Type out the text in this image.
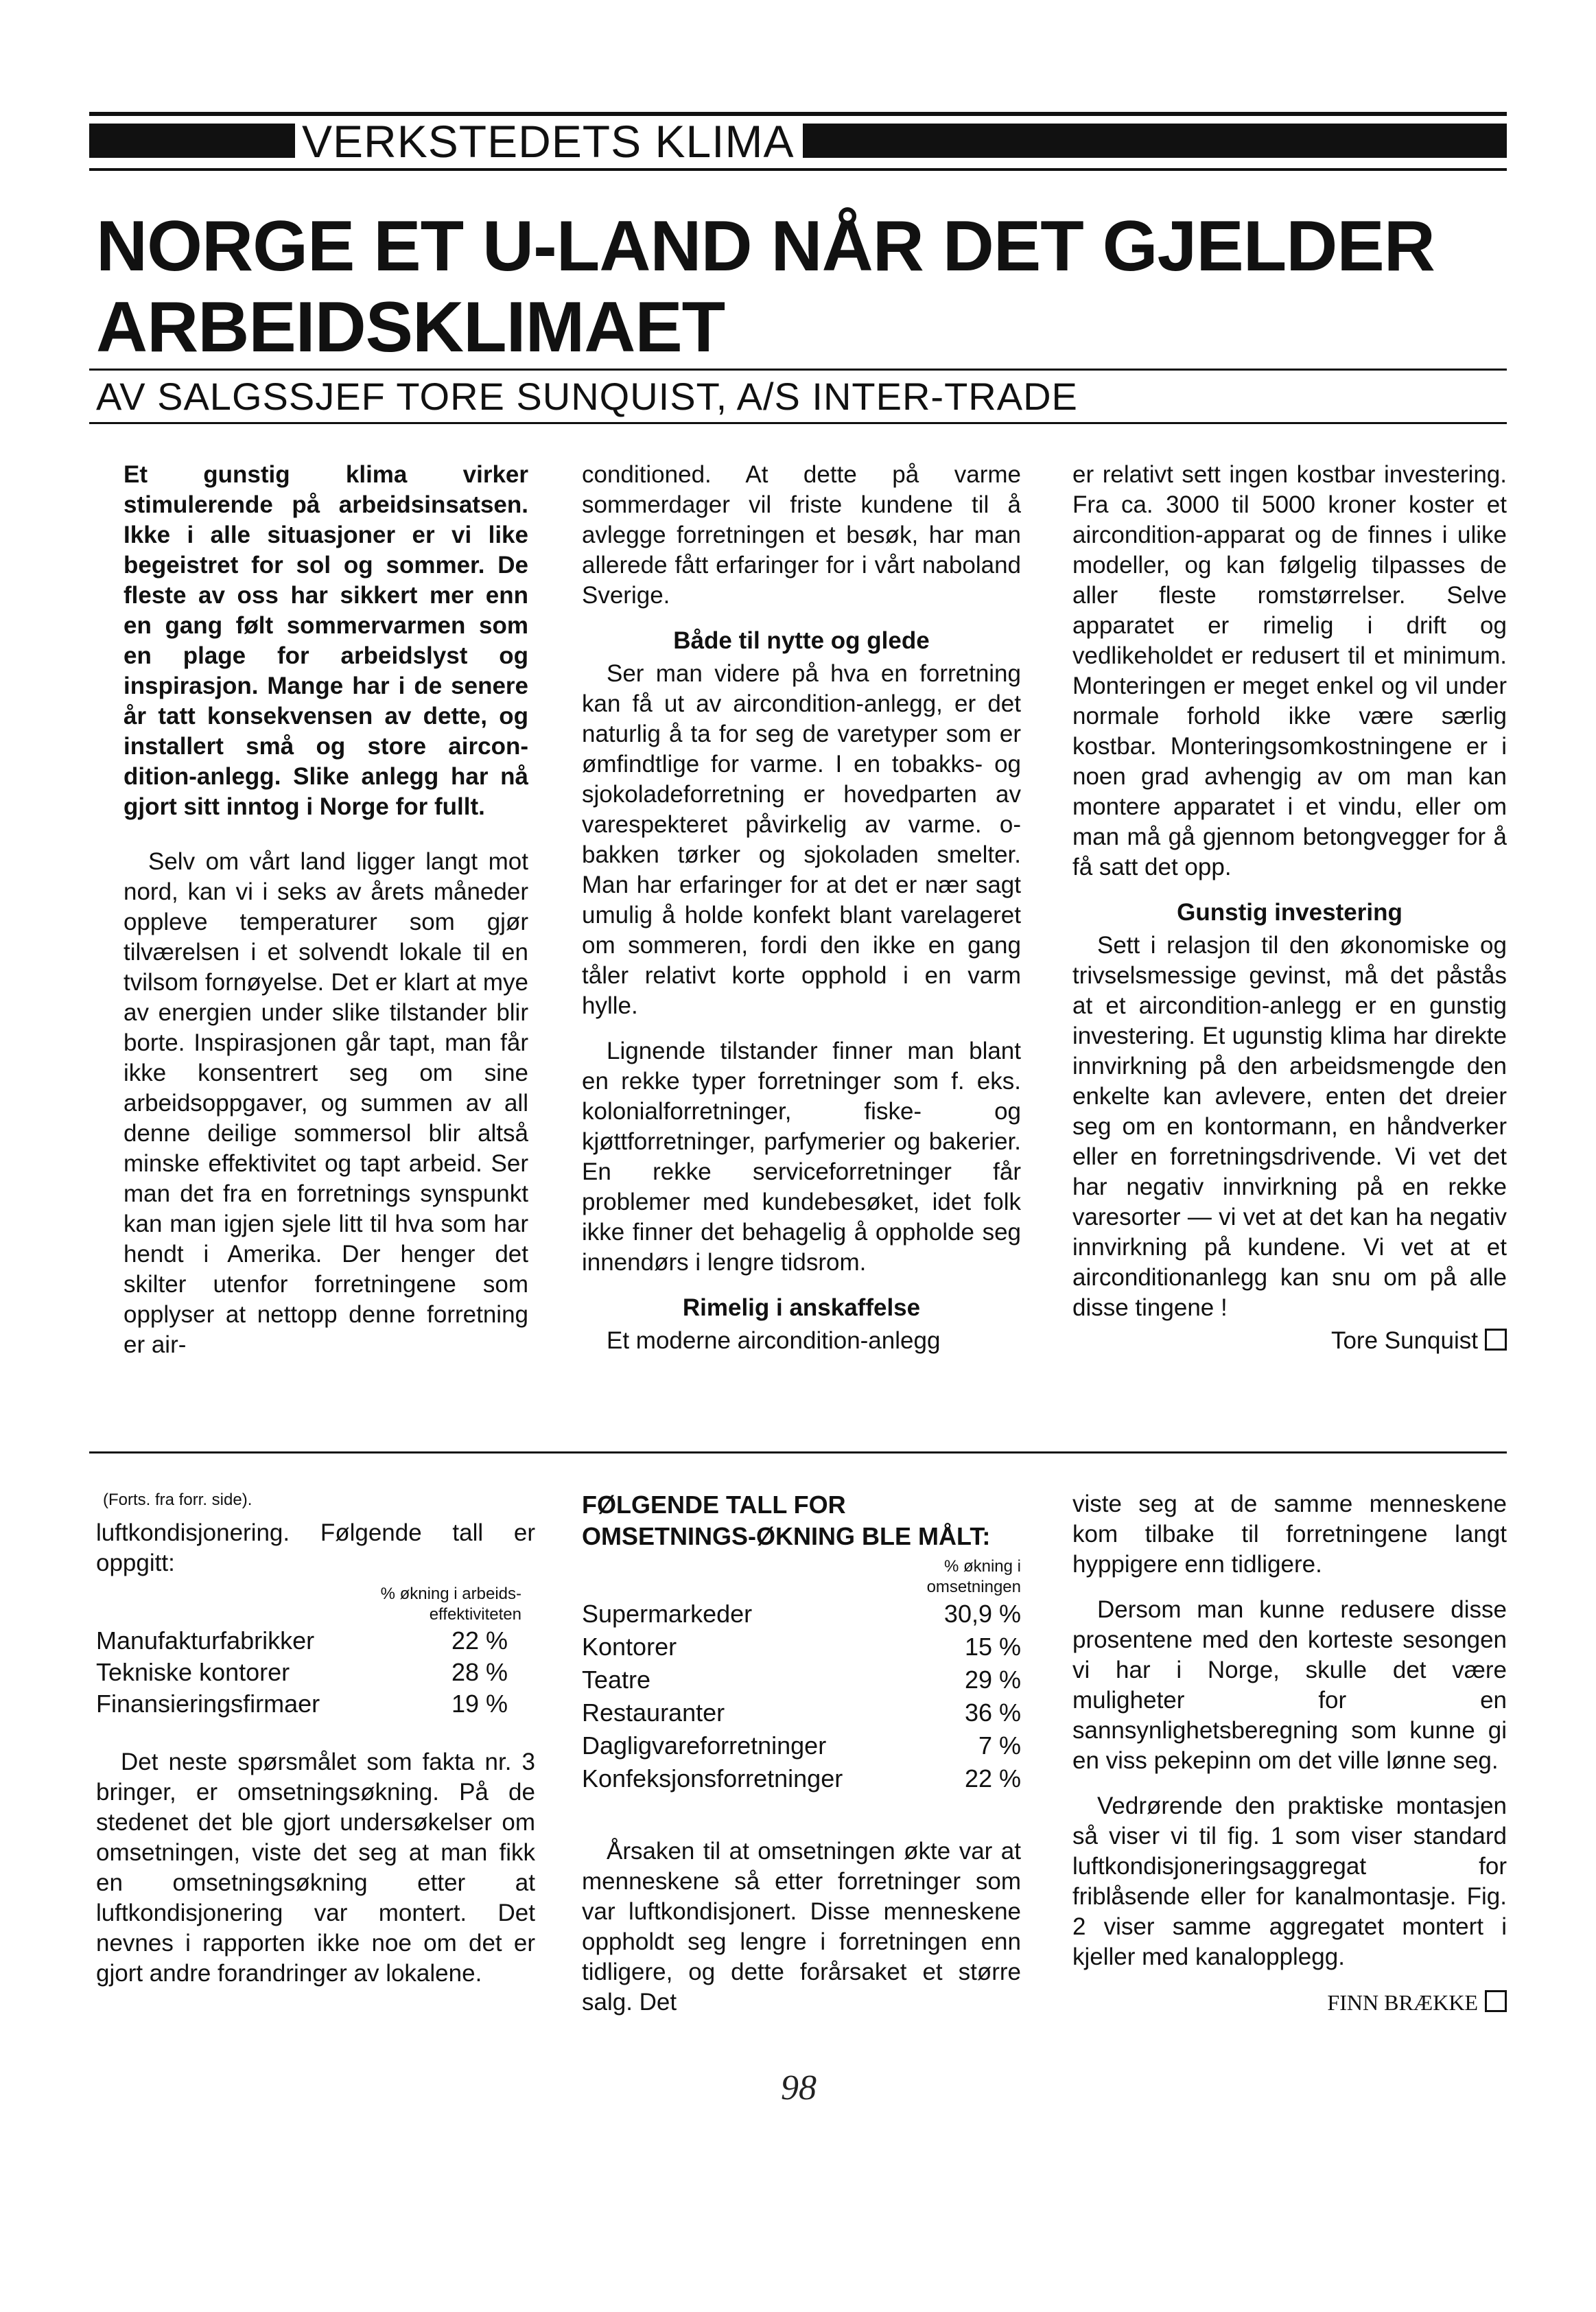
VERKSTEDETS KLIMA
NORGE ET U-LAND NÅR DET GJELDER ARBEIDSKLIMAET
AV SALGSSJEF TORE SUNQUIST, A/S INTER-TRADE

Et gunstig klima virker stimulerende på arbeidsinsatsen. Ikke i alle situasjoner er vi like begeistret for sol og sommer. De fleste av oss har sikkert mer enn en gang følt sommervarmen som en plage for arbeidslyst og inspirasjon. Mange har i de senere år tatt konsekvensen av dette, og installert små og store aircon-dition-anlegg. Slike anlegg har nå gjort sitt inntog i Norge for fullt.

Selv om vårt land ligger langt mot nord, kan vi i seks av årets måneder oppleve temperaturer som gjør tilværelsen i et solvendt lokale til en tvilsom fornøyelse. Det er klart at mye av energien under slike tilstander blir borte. Inspirasjonen går tapt, man får ikke konsentrert seg om sine arbeidsoppgaver, og summen av all denne deilige sommersol blir altså minske effektivitet og tapt arbeid. Ser man det fra en forretnings synspunkt kan man igjen sjele litt til hva som har hendt i Amerika. Der henger det skilter utenfor forretningene som opplyser at nettopp denne forretning er air-

conditioned. At dette på varme sommerdager vil friste kundene til å avlegge forretningen et besøk, har man allerede fått erfaringer for i vårt naboland Sverige.

Både til nytte og glede

Ser man videre på hva en forretning kan få ut av aircondition-anlegg, er det naturlig å ta for seg de varetyper som er ømfindtlige for varme. I en tobakks- og sjokoladeforretning er hovedparten av varespekteret påvirkelig av varme. o-bakken tørker og sjokoladen smelter. Man har erfaringer for at det er nær sagt umulig å holde konfekt blant varelageret om sommeren, fordi den ikke en gang tåler relativt korte opphold i en varm hylle.

Lignende tilstander finner man blant en rekke typer forretninger som f. eks. kolonialforretninger, fiske- og kjøttforretninger, parfymerier og bakerier. En rekke serviceforretninger får problemer med kundebesøket, idet folk ikke finner det behagelig å oppholde seg innendørs i lengre tidsrom.

Rimelig i anskaffelse

Et moderne aircondition-anlegg

er relativt sett ingen kostbar investering. Fra ca. 3000 til 5000 kroner koster et aircondition-apparat og de finnes i ulike modeller, og kan følgelig tilpasses de aller fleste romstørrelser. Selve apparatet er rimelig i drift og vedlikeholdet er redusert til et minimum. Monteringen er meget enkel og vil under normale forhold ikke være særlig kostbar. Monteringsomkostningene er i noen grad avhengig av om man kan montere apparatet i et vindu, eller om man må gå gjennom betongvegger for å få satt det opp.

Gunstig investering

Sett i relasjon til den økonomiske og trivselsmessige gevinst, må det påstås at et aircondition-anlegg er en gunstig investering. Et ugunstig klima har direkte innvirkning på den arbeidsmengde den enkelte kan avlevere, enten det dreier seg om en kontormann, en håndverker eller en forretningsdrivende. Vi vet det har negativ innvirkning på en rekke varesorter — vi vet at det kan ha negativ innvirkning på kundene. Vi vet at et airconditionanlegg kan snu om på alle disse tingene !

Tore Sunquist
(Forts. fra forr. side).

luftkondisjonering. Følgende tall er oppgitt:

% økning i arbeids-effektiviteten
Manufakturfabrikker	22 %
Tekniske kontorer	28 %
Finansieringsfirmaer	19 %

Det neste spørsmålet som fakta nr. 3 bringer, er omsetningsøkning. På de stedenet det ble gjort undersøkelser om omsetningen, viste det seg at man fikk en omsetningsøkning etter at luftkondisjonering var montert. Det nevnes i rapporten ikke noe om det er gjort andre forandringer av lokalene.

FØLGENDE TALL FOR OMSETNINGS-ØKNING BLE MÅLT:
% økning i omsetningen
Supermarkeder	30,9 %
Kontorer	15 %
Teatre	29 %
Restauranter	36 %
Dagligvareforretninger	7 %
Konfeksjonsforretninger	22 %

Årsaken til at omsetningen økte var at menneskene så etter forretninger som var luftkondisjonert. Disse menneskene oppholdt seg lengre i forretningen enn tidligere, og dette forårsaket et større salg. Det

viste seg at de samme menneskene kom tilbake til forretningene langt hyppigere enn tidligere.

Dersom man kunne redusere disse prosentene med den korteste sesongen vi har i Norge, skulle det være muligheter for en sannsynlighetsberegning som kunne gi en viss pekepinn om det ville lønne seg.

Vedrørende den praktiske montasjen så viser vi til fig. 1 som viser standard luftkondisjoneringsaggregat for friblåsende eller for kanalmontasje. Fig. 2 viser samme aggregatet montert i kjeller med kanalopplegg.

FINN BRÆKKE
98
